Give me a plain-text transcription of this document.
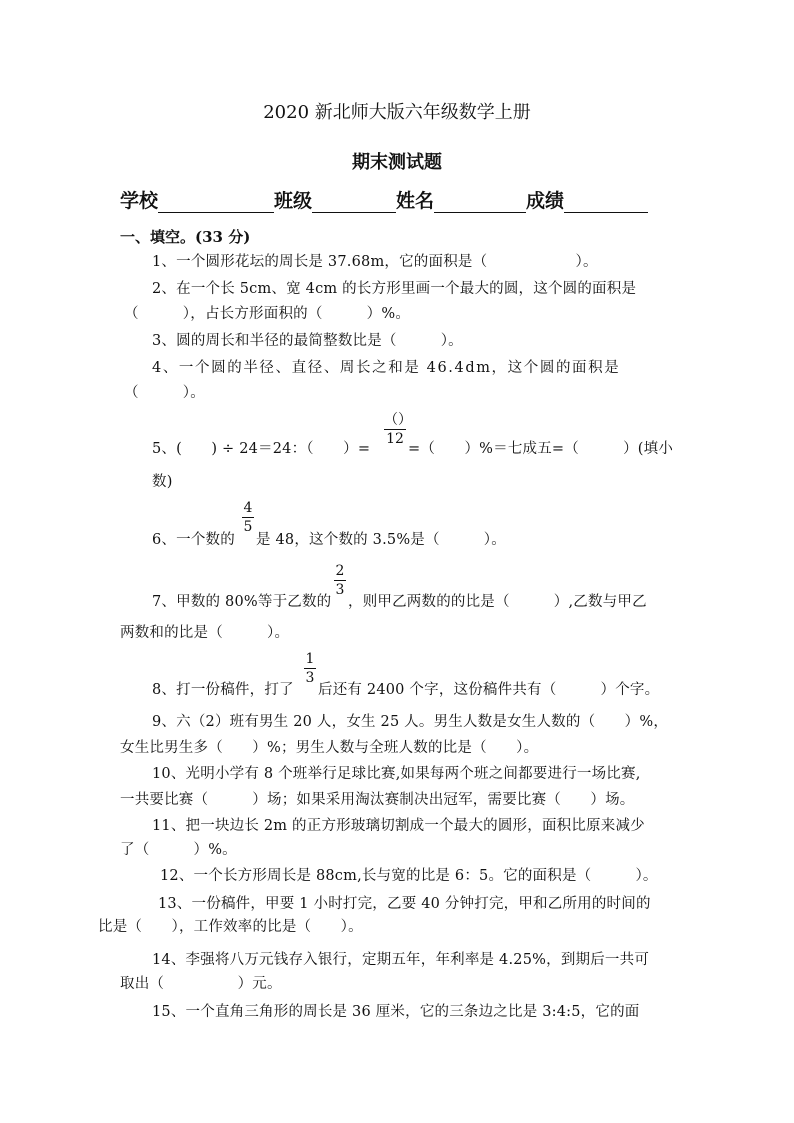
2020 新北师大版六年级数学上册
期末测试题
学校	班级	姓名	成绩
一、填空。(33 分)
1、一个圆形花坛的周长是 37.68m，它的面积是（　　　　　　）。
2、在一个长 5cm、宽 4cm 的长方形里画一个最大的圆，这个圆的面积是
（　　　），占长方形面积的（　　　）%。
3、圆的周长和半径的最简整数比是（　　　）。
4、一个圆的半径、直径、周长之和是 46.4dm，这个圆的面积是
（　　　）。
5、(　　) ÷ 24＝24：（　　）=
（）
12
=（　　）%＝七成五=（　　　）(填小
数)
6、一个数的
4
5
是 48，这个数的 3.5%是（　　　）。
7、甲数的 80%等于乙数的
2
3
，则甲乙两数的的比是（　　　）,乙数与甲乙
两数和的比是（　　　）。
8、打一份稿件，打了
1
3
后还有 2400 个字，这份稿件共有（　　　）个字。
9、六（2）班有男生 20 人，女生 25 人。男生人数是女生人数的（　　）%，
女生比男生多（　　）%；男生人数与全班人数的比是（　　）。
10、光明小学有 8 个班举行足球比赛,如果每两个班之间都要进行一场比赛,
一共要比赛（　　　）场；如果采用淘汰赛制决出冠军，需要比赛（　　）场。
11、把一块边长 2m 的正方形玻璃切割成一个最大的圆形，面积比原来减少
了（　　　）%。
12、一个长方形周长是 88cm,长与宽的比是 6：5。它的面积是（　　　）。
13、一份稿件，甲要 1 小时打完，乙要 40 分钟打完，甲和乙所用的时间的
比是（　　），工作效率的比是（　　）。
14、李强将八万元钱存入银行，定期五年，年利率是 4.25%，到期后一共可
取出（　　　　　）元。
15、一个直角三角形的周长是 36 厘米，它的三条边之比是 3:4:5，它的面
